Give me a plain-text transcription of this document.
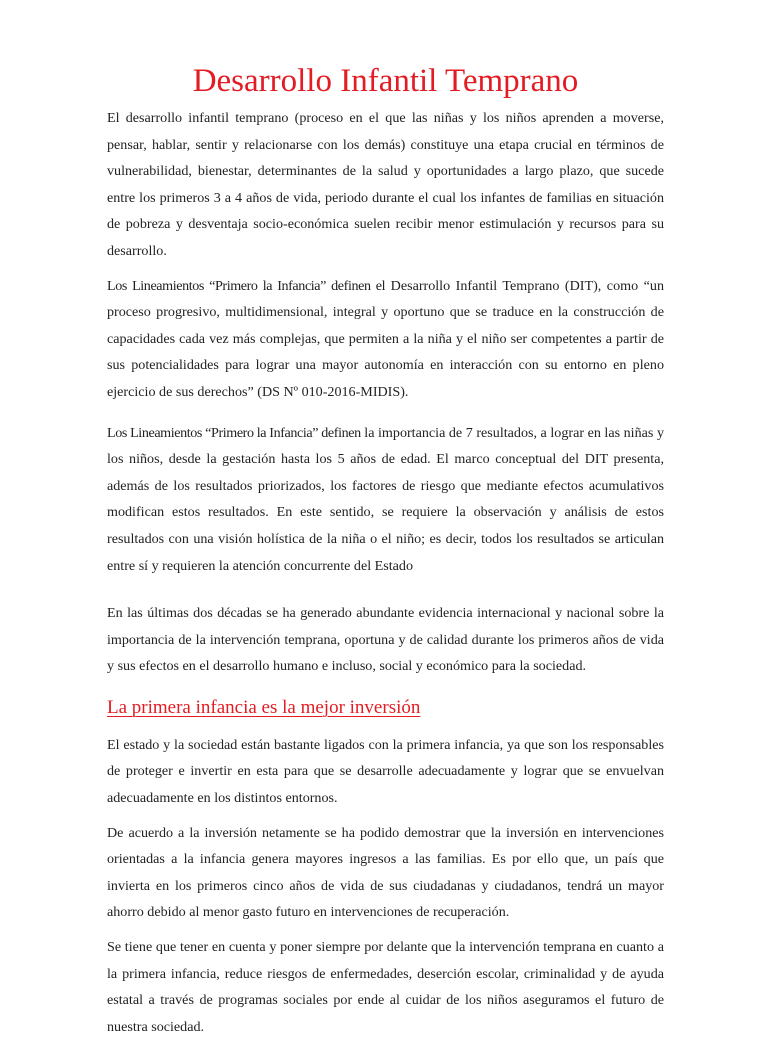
Desarrollo Infantil Temprano

El desarrollo infantil temprano (proceso en el que las niñas y los niños aprenden a moverse, pensar, hablar, sentir y relacionarse con los demás) constituye una etapa crucial en términos de vulnerabilidad, bienestar, determinantes de la salud y oportunidades a largo plazo, que sucede entre los primeros 3 a 4 años de vida, periodo durante el cual los infantes de familias en situación de pobreza y desventaja socio-económica suelen recibir menor estimulación y recursos para su desarrollo.

Los Lineamientos “Primero la Infancia” definen el Desarrollo Infantil Temprano (DIT), como “un proceso progresivo, multidimensional, integral y oportuno que se traduce en la construcción de capacidades cada vez más complejas, que permiten a la niña y el niño ser competentes a partir de sus potencialidades para lograr una mayor autonomía en interacción con su entorno en pleno ejercicio de sus derechos” (DS Nº 010-2016-MIDIS).

Los Lineamientos “Primero la Infancia” definen la importancia de 7 resultados, a lograr en las niñas y los niños, desde la gestación hasta los 5 años de edad. El marco conceptual del DIT presenta, además de los resultados priorizados, los factores de riesgo que mediante efectos acumulativos modifican estos resultados. En este sentido, se requiere la observación y análisis de estos resultados con una visión holística de la niña o el niño; es decir, todos los resultados se articulan entre sí y requieren la atención concurrente del Estado

En las últimas dos décadas se ha generado abundante evidencia internacional y nacional sobre la importancia de la intervención temprana, oportuna y de calidad durante los primeros años de vida y sus efectos en el desarrollo humano e incluso, social y económico para la sociedad.

La primera infancia es la mejor inversión

El estado y la sociedad están bastante ligados con la primera infancia, ya que son los responsables de proteger e invertir en esta para que se desarrolle adecuadamente y lograr que se envuelvan adecuadamente en los distintos entornos.

De acuerdo a la inversión netamente se ha podido demostrar que la inversión en intervenciones orientadas a la infancia genera mayores ingresos a las familias. Es por ello que, un país que invierta en los primeros cinco años de vida de sus ciudadanas y ciudadanos, tendrá un mayor ahorro debido al menor gasto futuro en intervenciones de recuperación.

Se tiene que tener en cuenta y poner siempre por delante que la intervención temprana en cuanto a la primera infancia, reduce riesgos de enfermedades, deserción escolar, criminalidad y de ayuda estatal a través de programas sociales por ende al cuidar de los niños aseguramos el futuro de nuestra sociedad.
